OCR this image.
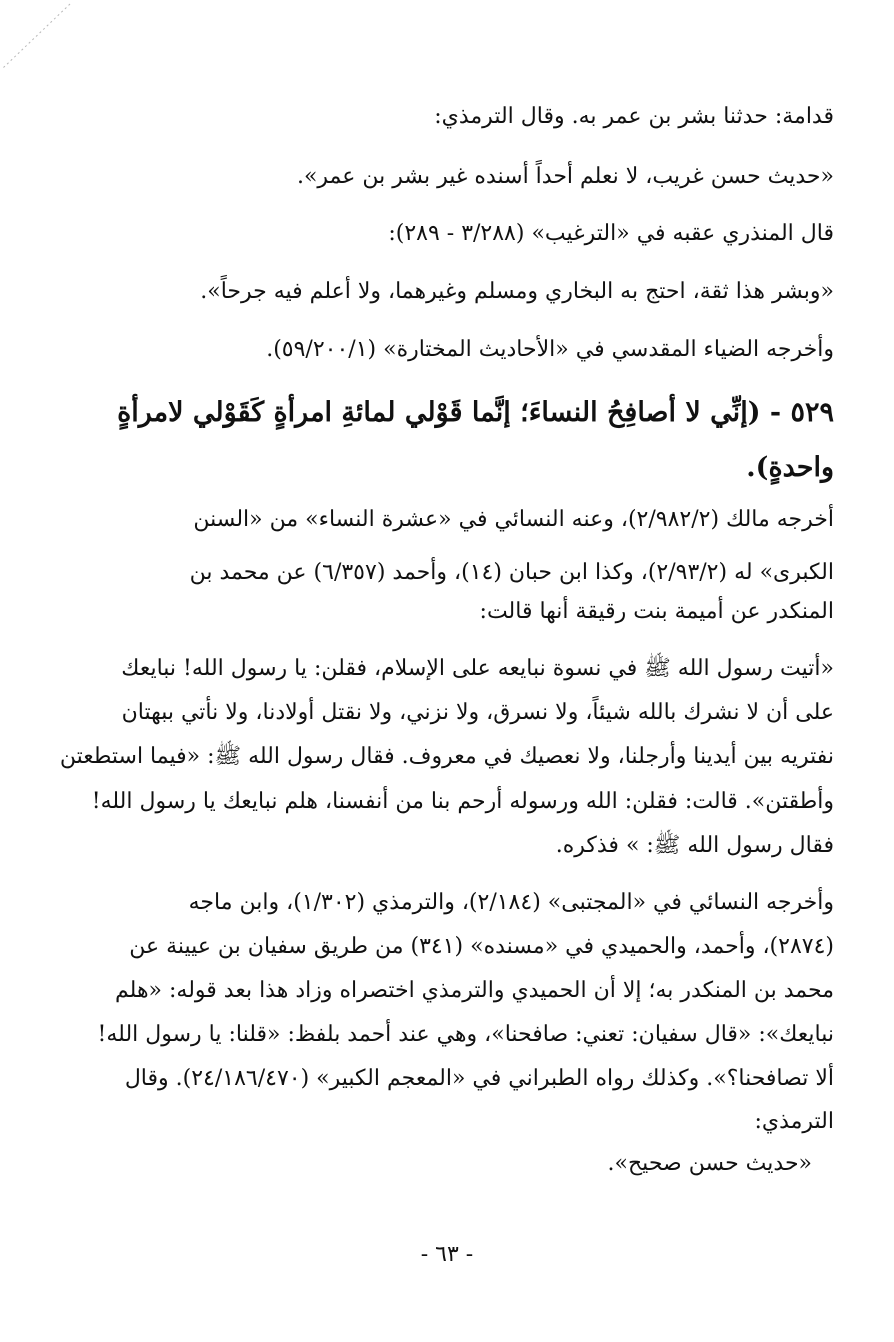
قدامة: حدثنا بشر بن عمر به. وقال الترمذي:
«حديث حسن غريب، لا نعلم أحداً أسنده غير بشر بن عمر».
قال المنذري عقبه في «الترغيب» (٣/٢٨٨ - ٢٨٩):
«وبشر هذا ثقة، احتج به البخاري ومسلم وغيرهما، ولا أعلم فيه جرحاً».
وأخرجه الضياء المقدسي في «الأحاديث المختارة» (٥٩/٢٠٠/١).
٥٢٩ - (إنِّي لا أصافِحُ النساءَ؛ إنَّما قَوْلي لمائةِ امرأةٍ كَقَوْلي لامرأةٍ
واحدةٍ).
أخرجه مالك (٢/٩٨٢/٢)، وعنه النسائي في «عشرة النساء» من «السنن
الكبرى» له (٢/٩٣/٢)، وكذا ابن حبان (١٤)، وأحمد (٦/٣٥٧) عن محمد بن
المنكدر عن أميمة بنت رقيقة أنها قالت:
«أتيت رسول الله ﷺ في نسوة نبايعه على الإسلام، فقلن: يا رسول الله! نبايعك
على أن لا نشرك بالله شيئاً، ولا نسرق، ولا نزني، ولا نقتل أولادنا، ولا نأتي ببهتان
نفتريه بين أيدينا وأرجلنا، ولا نعصيك في معروف. فقال رسول الله ﷺ: «فيما استطعتن
وأطقتن». قالت: فقلن: الله ورسوله أرحم بنا من أنفسنا، هلم نبايعك يا رسول الله!
فقال رسول الله ﷺ: » فذكره.
وأخرجه النسائي في «المجتبى» (٢/١٨٤)، والترمذي (١/٣٠٢)، وابن ماجه
(٢٨٧٤)، وأحمد، والحميدي في «مسنده» (٣٤١) من طريق سفيان بن عيينة عن
محمد بن المنكدر به؛ إلا أن الحميدي والترمذي اختصراه وزاد هذا بعد قوله: «هلم
نبايعك»: «قال سفيان: تعني: صافحنا»، وهي عند أحمد بلفظ: «قلنا: يا رسول الله!
ألا تصافحنا؟». وكذلك رواه الطبراني في «المعجم الكبير» (٢٤/١٨٦/٤٧٠). وقال
الترمذي:
«حديث حسن صحيح».
- ٦٣ -
